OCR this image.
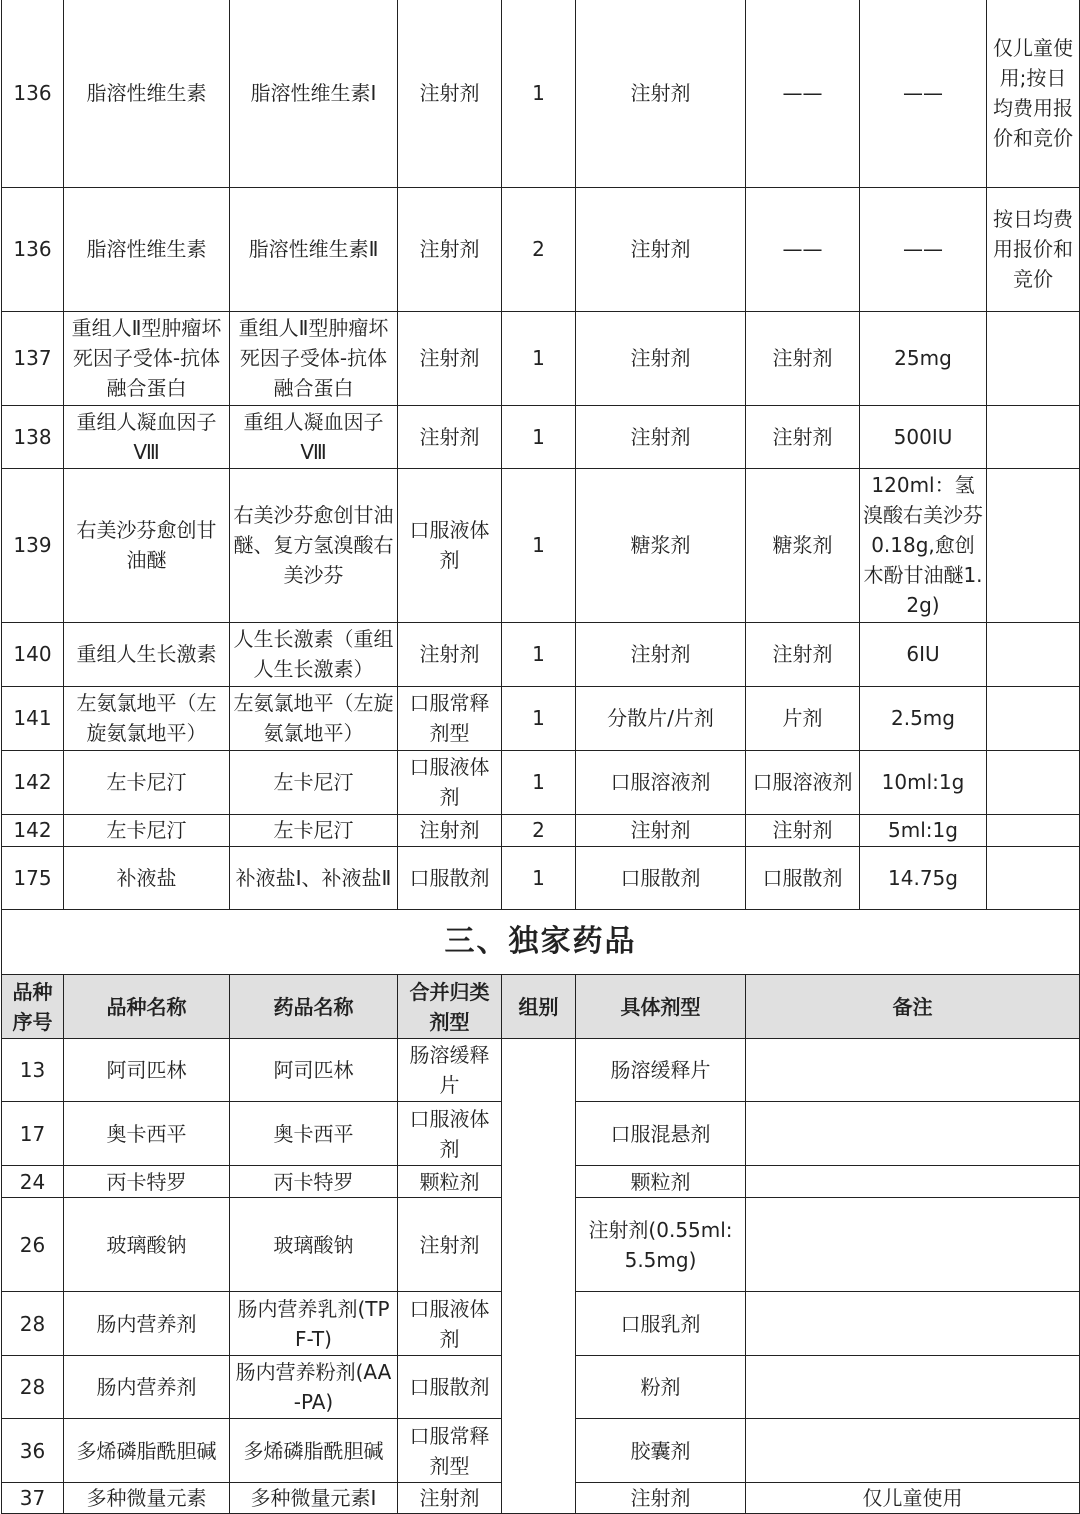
136	脂溶性维生素	脂溶性维生素Ⅰ	注射剂	1	注射剂	——	——	仅儿童使用;按日均费用报价和竞价
136	脂溶性维生素	脂溶性维生素Ⅱ	注射剂	2	注射剂	——	——	按日均费用报价和竞价
137	重组人Ⅱ型肿瘤坏死因子受体-抗体融合蛋白	重组人Ⅱ型肿瘤坏死因子受体-抗体融合蛋白	注射剂	1	注射剂	注射剂	25mg	
138	重组人凝血因子Ⅷ	重组人凝血因子Ⅷ	注射剂	1	注射剂	注射剂	500IU	
139	右美沙芬愈创甘油醚	右美沙芬愈创甘油醚、复方氢溴酸右美沙芬	口服液体剂	1	糖浆剂	糖浆剂	120ml：氢溴酸右美沙芬0.18g,愈创木酚甘油醚1.2g)	
140	重组人生长激素	人生长激素（重组人生长激素）	注射剂	1	注射剂	注射剂	6IU	
141	左氨氯地平（左旋氨氯地平）	左氨氯地平（左旋氨氯地平）	口服常释剂型	1	分散片/片剂	片剂	2.5mg	
142	左卡尼汀	左卡尼汀	口服液体剂	1	口服溶液剂	口服溶液剂	10ml:1g	
142	左卡尼汀	左卡尼汀	注射剂	2	注射剂	注射剂	5ml:1g	
175	补液盐	补液盐Ⅰ、补液盐Ⅱ	口服散剂	1	口服散剂	口服散剂	14.75g	
三、独家药品						
品种序号	品种名称	药品名称	合并归类剂型	组别	具体剂型	备注
13	阿司匹林	阿司匹林	肠溶缓释片		肠溶缓释片	
17	奥卡西平	奥卡西平	口服液体剂		口服混悬剂	
24	丙卡特罗	丙卡特罗	颗粒剂		颗粒剂	
26	玻璃酸钠	玻璃酸钠	注射剂		注射剂(0.55ml:5.5mg)	
28	肠内营养剂	肠内营养乳剂(TPF-T)	口服液体剂		口服乳剂	
28	肠内营养剂	肠内营养粉剂(AA-PA)	口服散剂		粉剂	
36	多烯磷脂酰胆碱	多烯磷脂酰胆碱	口服常释剂型		胶囊剂	
37	多种微量元素	多种微量元素Ⅰ	注射剂		注射剂	仅儿童使用
